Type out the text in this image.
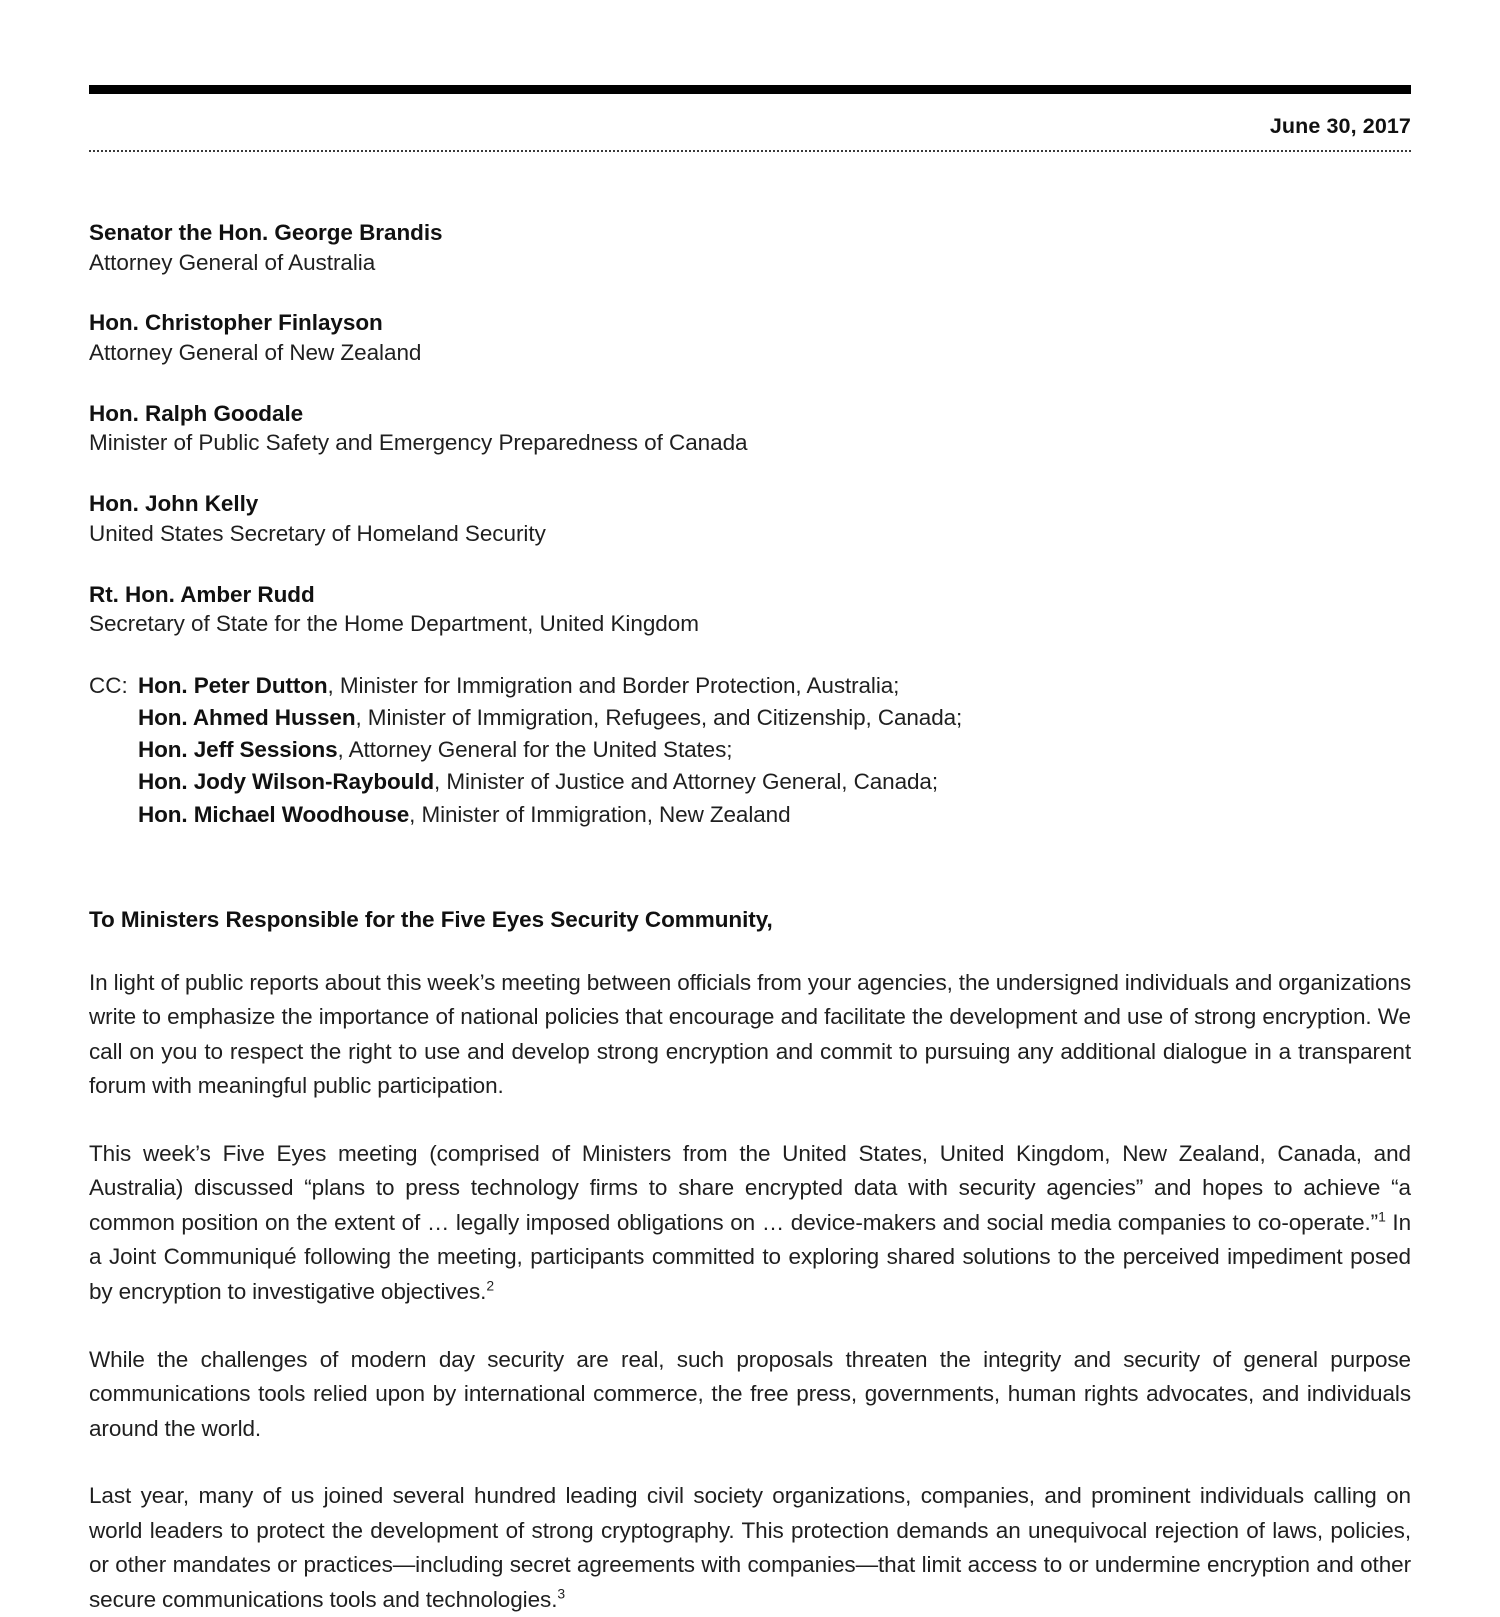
June 30, 2017
Senator the Hon. George Brandis
Attorney General of Australia
Hon. Christopher Finlayson
Attorney General of New Zealand
Hon. Ralph Goodale
Minister of Public Safety and Emergency Preparedness of Canada
Hon. John Kelly
United States Secretary of Homeland Security
Rt. Hon. Amber Rudd
Secretary of State for the Home Department, United Kingdom
CC: Hon. Peter Dutton, Minister for Immigration and Border Protection, Australia;
Hon. Ahmed Hussen, Minister of Immigration, Refugees, and Citizenship, Canada;
Hon. Jeff Sessions, Attorney General for the United States;
Hon. Jody Wilson-Raybould, Minister of Justice and Attorney General, Canada;
Hon. Michael Woodhouse, Minister of Immigration, New Zealand
To Ministers Responsible for the Five Eyes Security Community,

In light of public reports about this week’s meeting between officials from your agencies, the undersigned individuals and organizations write to emphasize the importance of national policies that encourage and facilitate the development and use of strong encryption. We call on you to respect the right to use and develop strong encryption and commit to pursuing any additional dialogue in a transparent forum with meaningful public participation.

This week’s Five Eyes meeting (comprised of Ministers from the United States, United Kingdom, New Zealand, Canada, and Australia) discussed “plans to press technology firms to share encrypted data with security agencies” and hopes to achieve “a common position on the extent of … legally imposed obligations on … device-makers and social media companies to co-operate.”$^1$ In a Joint Communiqué following the meeting, participants committed to exploring shared solutions to the perceived impediment posed by encryption to investigative objectives.$^2$

While the challenges of modern day security are real, such proposals threaten the integrity and security of general purpose communications tools relied upon by international commerce, the free press, governments, human rights advocates, and individuals around the world.

Last year, many of us joined several hundred leading civil society organizations, companies, and prominent individuals calling on world leaders to protect the development of strong cryptography. This protection demands an unequivocal rejection of laws, policies, or other mandates or practices—including secret agreements with companies—that limit access to or undermine encryption and other secure communications tools and technologies.$^3$
